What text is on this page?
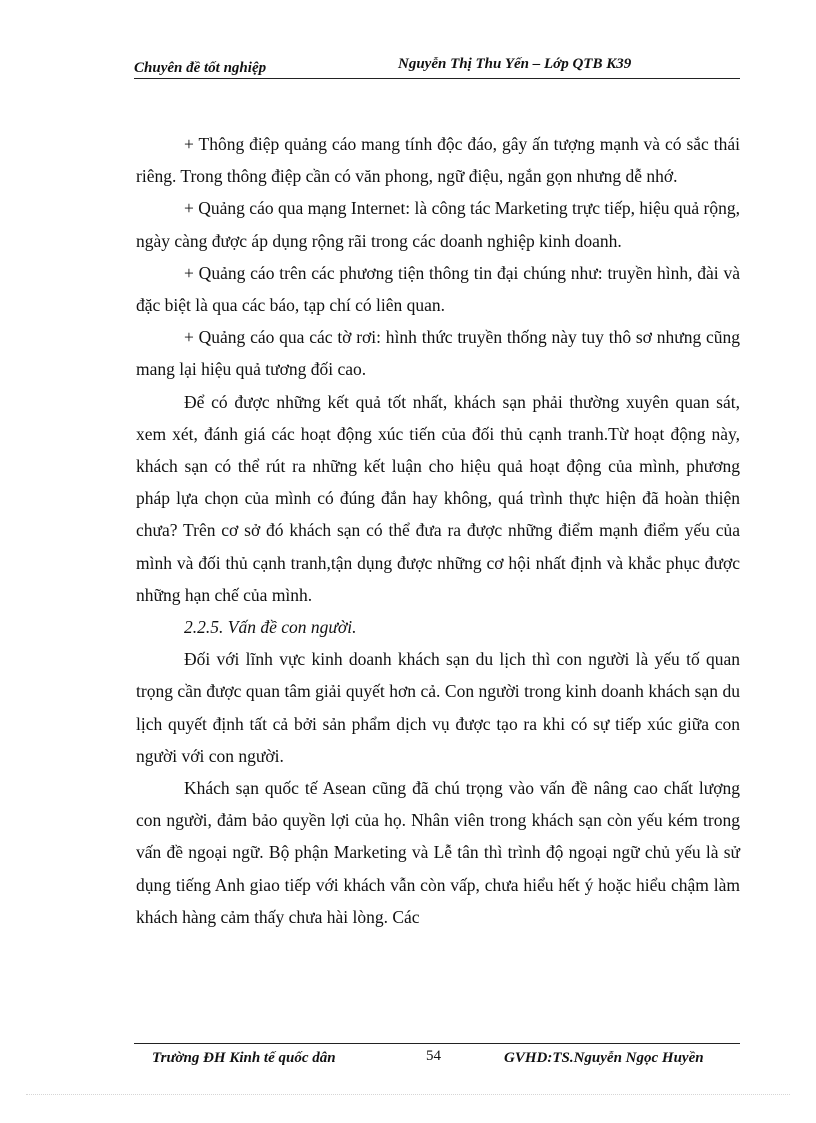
Chuyên đề tốt nghiệp	Nguyễn Thị Thu Yến – Lớp QTB K39

+ Thông điệp quảng cáo mang tính độc đáo, gây ấn tượng mạnh và có sắc thái riêng. Trong thông điệp cần có văn phong, ngữ điệu, ngắn gọn nhưng dễ nhớ.

+ Quảng cáo qua mạng Internet: là công tác Marketing trực tiếp, hiệu quả rộng, ngày càng được áp dụng rộng rãi trong các doanh nghiệp kinh doanh.

+ Quảng cáo trên các phương tiện thông tin đại chúng như: truyền hình, đài và đặc biệt là qua các báo, tạp chí có liên quan.

+ Quảng cáo qua các tờ rơi: hình thức truyền thống này tuy thô sơ nhưng cũng mang lại hiệu quả tương đối cao.

Để có được những kết quả tốt nhất, khách sạn phải thường xuyên quan sát, xem xét, đánh giá các hoạt động xúc tiến của đối thủ cạnh tranh.Từ hoạt động này, khách sạn có thể rút ra những kết luận cho hiệu quả hoạt động của mình, phương pháp lựa chọn của mình có đúng đắn hay không, quá trình thực hiện đã hoàn thiện chưa? Trên cơ sở đó khách sạn có thể đưa ra được những điểm mạnh điểm yếu của mình và đối thủ cạnh tranh,tận dụng được những cơ hội nhất định và khắc phục được những hạn chế của mình.

2.2.5. Vấn đề con người.

Đối với lĩnh vực kinh doanh khách sạn du lịch thì con người là yếu tố quan trọng cần được quan tâm giải quyết hơn cả. Con người trong kinh doanh khách sạn du lịch quyết định tất cả bởi sản phẩm dịch vụ được tạo ra khi có sự tiếp xúc giữa con người với con người.

Khách sạn quốc tế Asean cũng đã chú trọng vào vấn đề nâng cao chất lượng con người, đảm bảo quyền lợi của họ. Nhân viên trong khách sạn còn yếu kém trong vấn đề ngoại ngữ. Bộ phận Marketing và Lễ tân thì trình độ ngoại ngữ chủ yếu là sử dụng tiếng Anh giao tiếp với khách vẫn còn vấp, chưa hiểu hết ý hoặc hiểu chậm làm khách hàng cảm thấy chưa hài lòng. Các

Trường ĐH Kinh tế quốc dân	54	GVHD:TS.Nguyễn Ngọc Huyền
